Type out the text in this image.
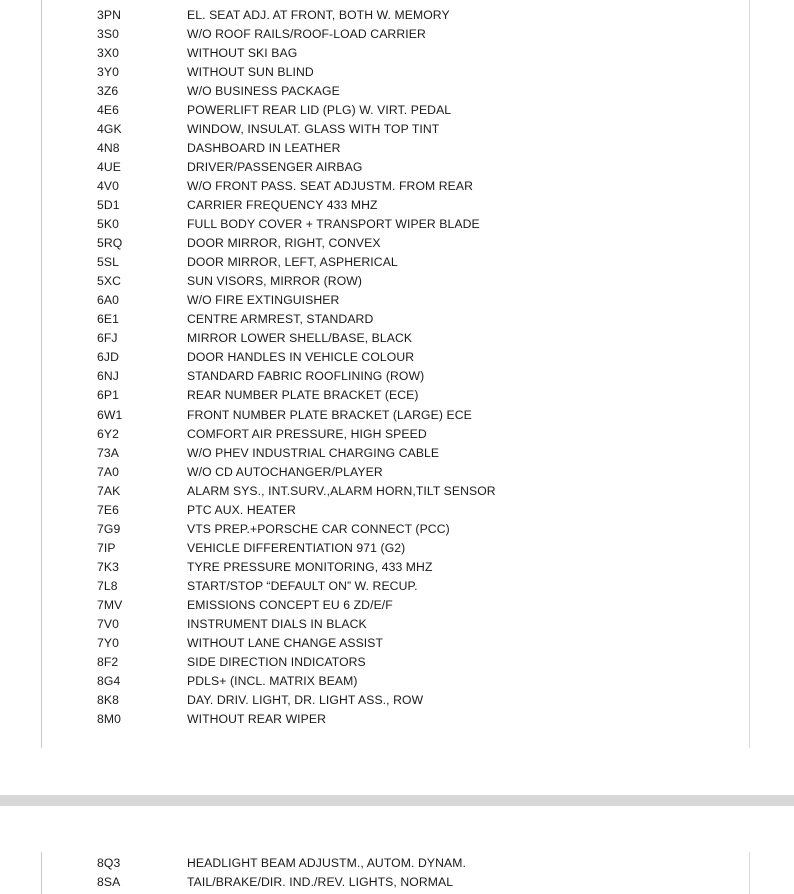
3PN	EL. SEAT ADJ. AT FRONT, BOTH W. MEMORY
3S0	W/O ROOF RAILS/ROOF-LOAD CARRIER
3X0	WITHOUT SKI BAG
3Y0	WITHOUT SUN BLIND
3Z6	W/O BUSINESS PACKAGE
4E6	POWERLIFT REAR LID (PLG) W. VIRT. PEDAL
4GK	WINDOW, INSULAT. GLASS WITH TOP TINT
4N8	DASHBOARD IN LEATHER
4UE	DRIVER/PASSENGER AIRBAG
4V0	W/O FRONT PASS. SEAT ADJUSTM. FROM REAR
5D1	CARRIER FREQUENCY 433 MHZ
5K0	FULL BODY COVER + TRANSPORT WIPER BLADE
5RQ	DOOR MIRROR, RIGHT, CONVEX
5SL	DOOR MIRROR, LEFT, ASPHERICAL
5XC	SUN VISORS, MIRROR (ROW)
6A0	W/O FIRE EXTINGUISHER
6E1	CENTRE ARMREST, STANDARD
6FJ	MIRROR LOWER SHELL/BASE, BLACK
6JD	DOOR HANDLES IN VEHICLE COLOUR
6NJ	STANDARD FABRIC ROOFLINING (ROW)
6P1	REAR NUMBER PLATE BRACKET (ECE)
6W1	FRONT NUMBER PLATE BRACKET (LARGE) ECE
6Y2	COMFORT AIR PRESSURE, HIGH SPEED
73A	W/O PHEV INDUSTRIAL CHARGING CABLE
7A0	W/O CD AUTOCHANGER/PLAYER
7AK	ALARM SYS., INT.SURV.,ALARM HORN,TILT SENSOR
7E6	PTC AUX. HEATER
7G9	VTS PREP.+PORSCHE CAR CONNECT (PCC)
7IP	VEHICLE DIFFERENTIATION 971 (G2)
7K3	TYRE PRESSURE MONITORING, 433 MHZ
7L8	START/STOP “DEFAULT ON” W. RECUP.
7MV	EMISSIONS CONCEPT EU 6 ZD/E/F
7V0	INSTRUMENT DIALS IN BLACK
7Y0	WITHOUT LANE CHANGE ASSIST
8F2	SIDE DIRECTION INDICATORS
8G4	PDLS+ (INCL. MATRIX BEAM)
8K8	DAY. DRIV. LIGHT, DR. LIGHT ASS., ROW
8M0	WITHOUT REAR WIPER
8Q3	HEADLIGHT BEAM ADJUSTM., AUTOM. DYNAM.
8SA	TAIL/BRAKE/DIR. IND./REV. LIGHTS, NORMAL
